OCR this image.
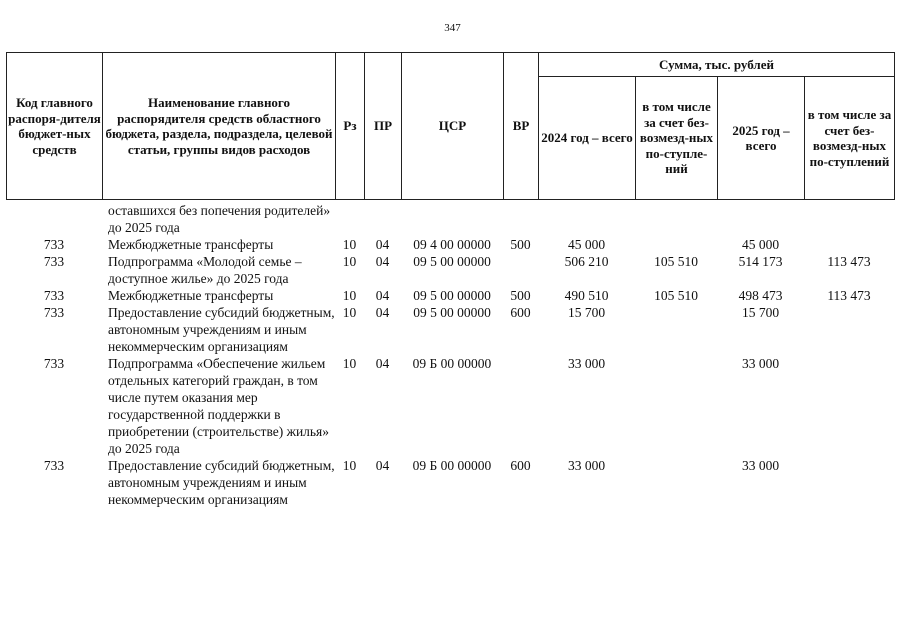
347
Код главного распоря-дителя бюджет-ных средств	Наименование главного распорядителя средств областного бюджета, раздела, подраздела, целевой статьи, группы видов расходов	Рз	ПР	ЦСР	ВР	Сумма, тыс. рублей			
						2024 год – всего	в том числе за счет без-возмезд-ных по-ступле-ний	2025 год – всего	в том числе за счет без-возмезд-ных по-ступлений
	оставшихся без попечения родителей» до 2025 года								
733	Межбюджетные трансферты	10	04	09 4 00 00000	500	45 000		45 000	
733	Подпрограмма «Молодой семье – доступное жилье» до 2025 года	10	04	09 5 00 00000		506 210	105 510	514 173	113 473
733	Межбюджетные трансферты	10	04	09 5 00 00000	500	490 510	105 510	498 473	113 473
733	Предоставление субсидий бюджетным, автономным учреждениям и иным некоммерческим организациям	10	04	09 5 00 00000	600	15 700		15 700	
733	Подпрограмма «Обеспечение жильем отдельных категорий граждан, в том числе путем оказания мер государственной поддержки в приобретении (строительстве) жилья» до 2025 года	10	04	09 Б 00 00000		33 000		33 000	
733	Предоставление субсидий бюджетным, автономным учреждениям и иным некоммерческим организациям	10	04	09 Б 00 00000	600	33 000		33 000	
